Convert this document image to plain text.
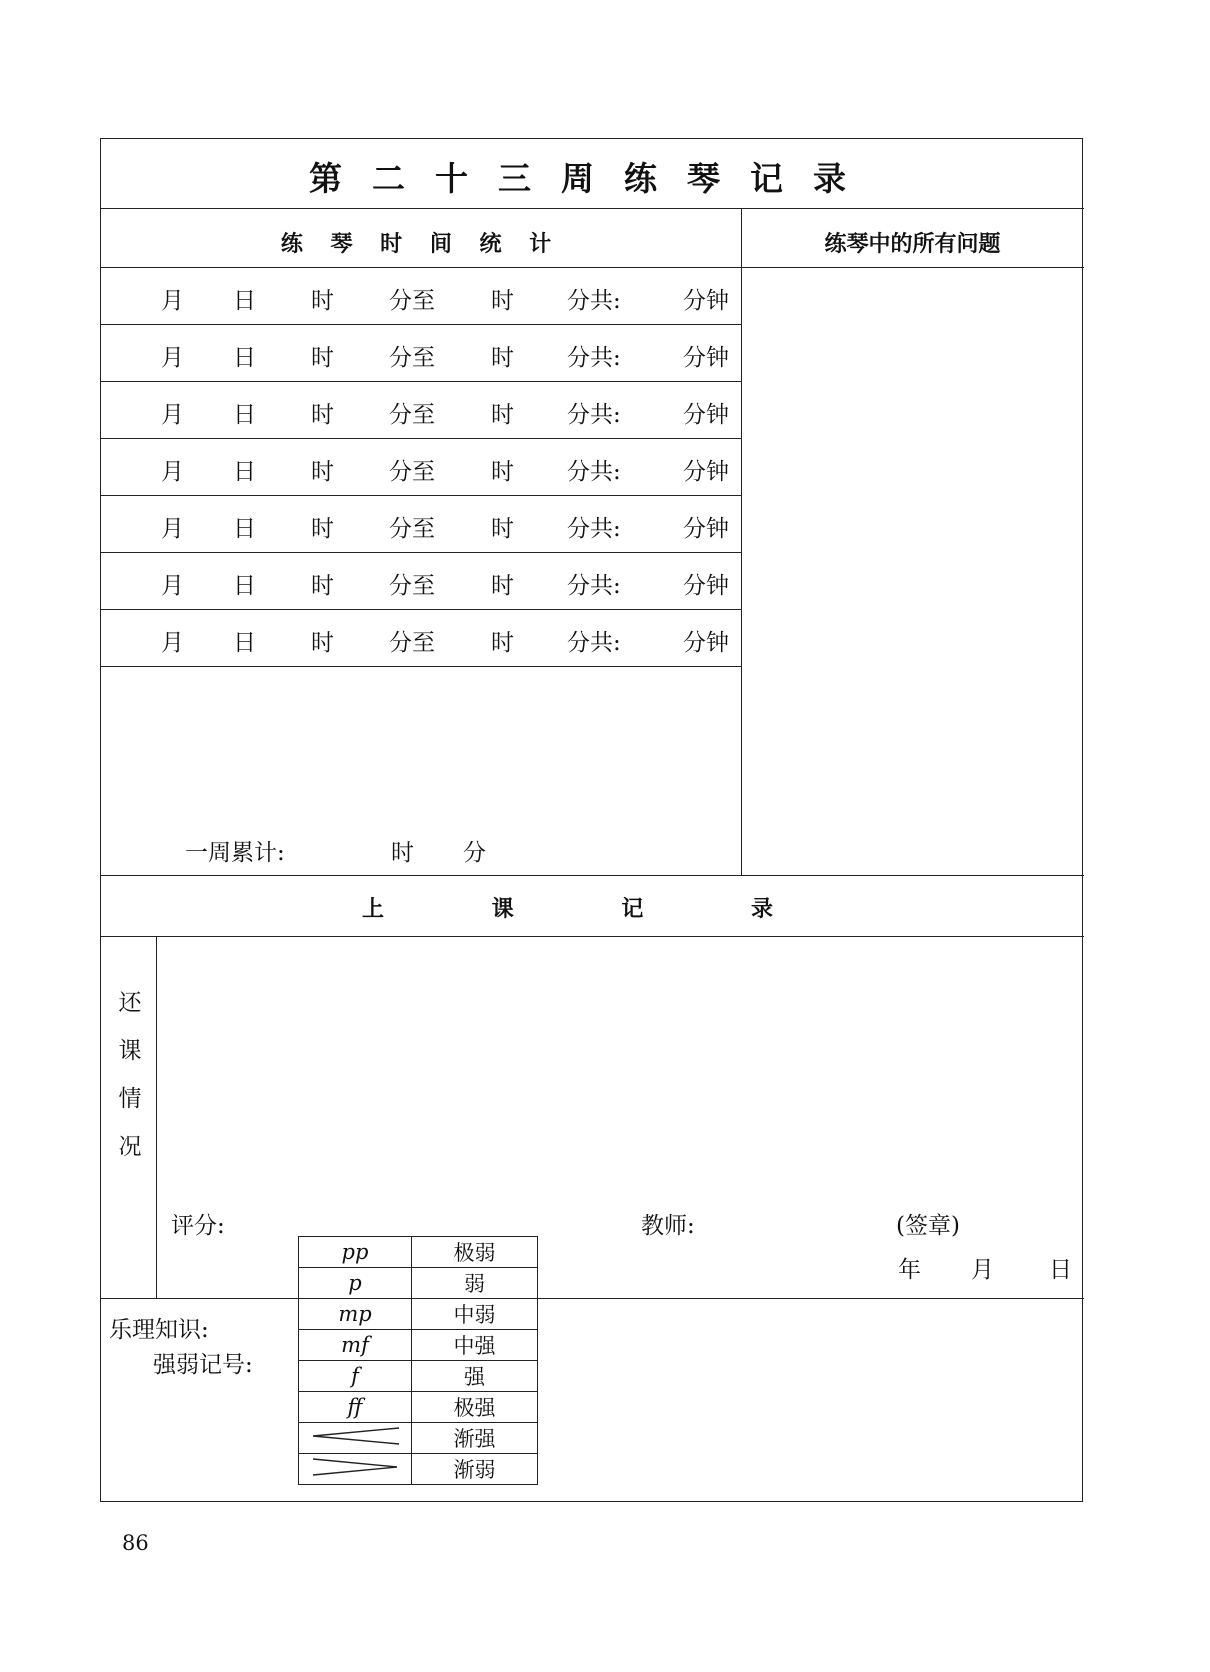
第二十三周练琴记录
练 琴 时 间 统 计	练琴中的所有问题
月 日 时 分至 时 分共:	分钟
月 日 时 分至 时 分共:	分钟
月 日 时 分至 时 分共:	分钟
月 日 时 分至 时 分共:	分钟
月 日 时 分至 时 分共:	分钟
月 日 时 分至 时 分共:	分钟
月 日 时 分至 时 分共:	分钟
一周累计:	时 分
上 课 记 录
还
课
情
况
评分:	教师:	(签章)
年 月 日
乐理知识:
强弱记号:
pp	极弱
p	弱
mp	中弱
mf	中强
f	强
ff	极强
	渐强
	渐弱
86
